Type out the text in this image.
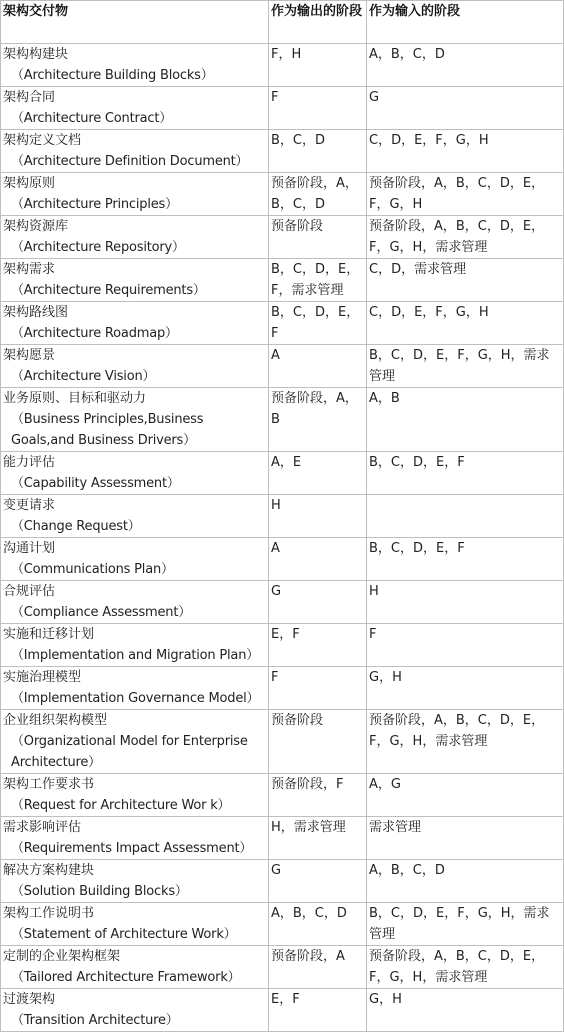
架构交付物	作为输出的阶段	作为输入的阶段

架构构建块
（Architecture Building Blocks）	F，H	A，B，C，D

架构合同
（Architecture Contract）	F	G

架构定义文档
（Architecture Definition Document）	B，C，D	C，D，E，F，G，H

架构原则
（Architecture Principles）	预备阶段，A，B，C，D	预备阶段，A，B，C，D，E，F，G，H

架构资源库
（Architecture Repository）	预备阶段	预备阶段，A，B，C，D，E，F，G，H，需求管理

架构需求
（Architecture Requirements）	B，C，D，E，F，需求管理	C，D，需求管理

架构路线图
（Architecture Roadmap）	B，C，D，E，F	C，D，E，F，G，H

架构愿景
（Architecture Vision）	A	B，C，D，E，F，G，H，需求管理

业务原则、目标和驱动力
（Business Principles,Business Goals,and Business Drivers）	预备阶段，A，B	A，B

能力评估
（Capability Assessment）	A，E	B，C，D，E，F

变更请求
（Change Request）	H	

沟通计划
（Communications Plan）	A	B，C，D，E，F

合规评估
（Compliance Assessment）	G	H

实施和迁移计划
（Implementation and Migration Plan）	E，F	F

实施治理模型
（Implementation Governance Model）	F	G，H

企业组织架构模型
（Organizational Model for Enterprise Architecture）	预备阶段	预备阶段，A，B，C，D，E，F，G，H，需求管理

架构工作要求书
（Request for Architecture Wor k）	预备阶段，F	A，G

需求影响评估
（Requirements Impact Assessment）	H，需求管理	需求管理

解决方案构建块
（Solution Building Blocks）	G	A，B，C，D

架构工作说明书
（Statement of Architecture Work）	A，B，C，D	B，C，D，E，F，G，H，需求管理

定制的企业架构框架
（Tailored Architecture Framework）	预备阶段，A	预备阶段，A，B，C，D，E，F，G，H，需求管理

过渡架构
（Transition Architecture）	E，F	G，H
